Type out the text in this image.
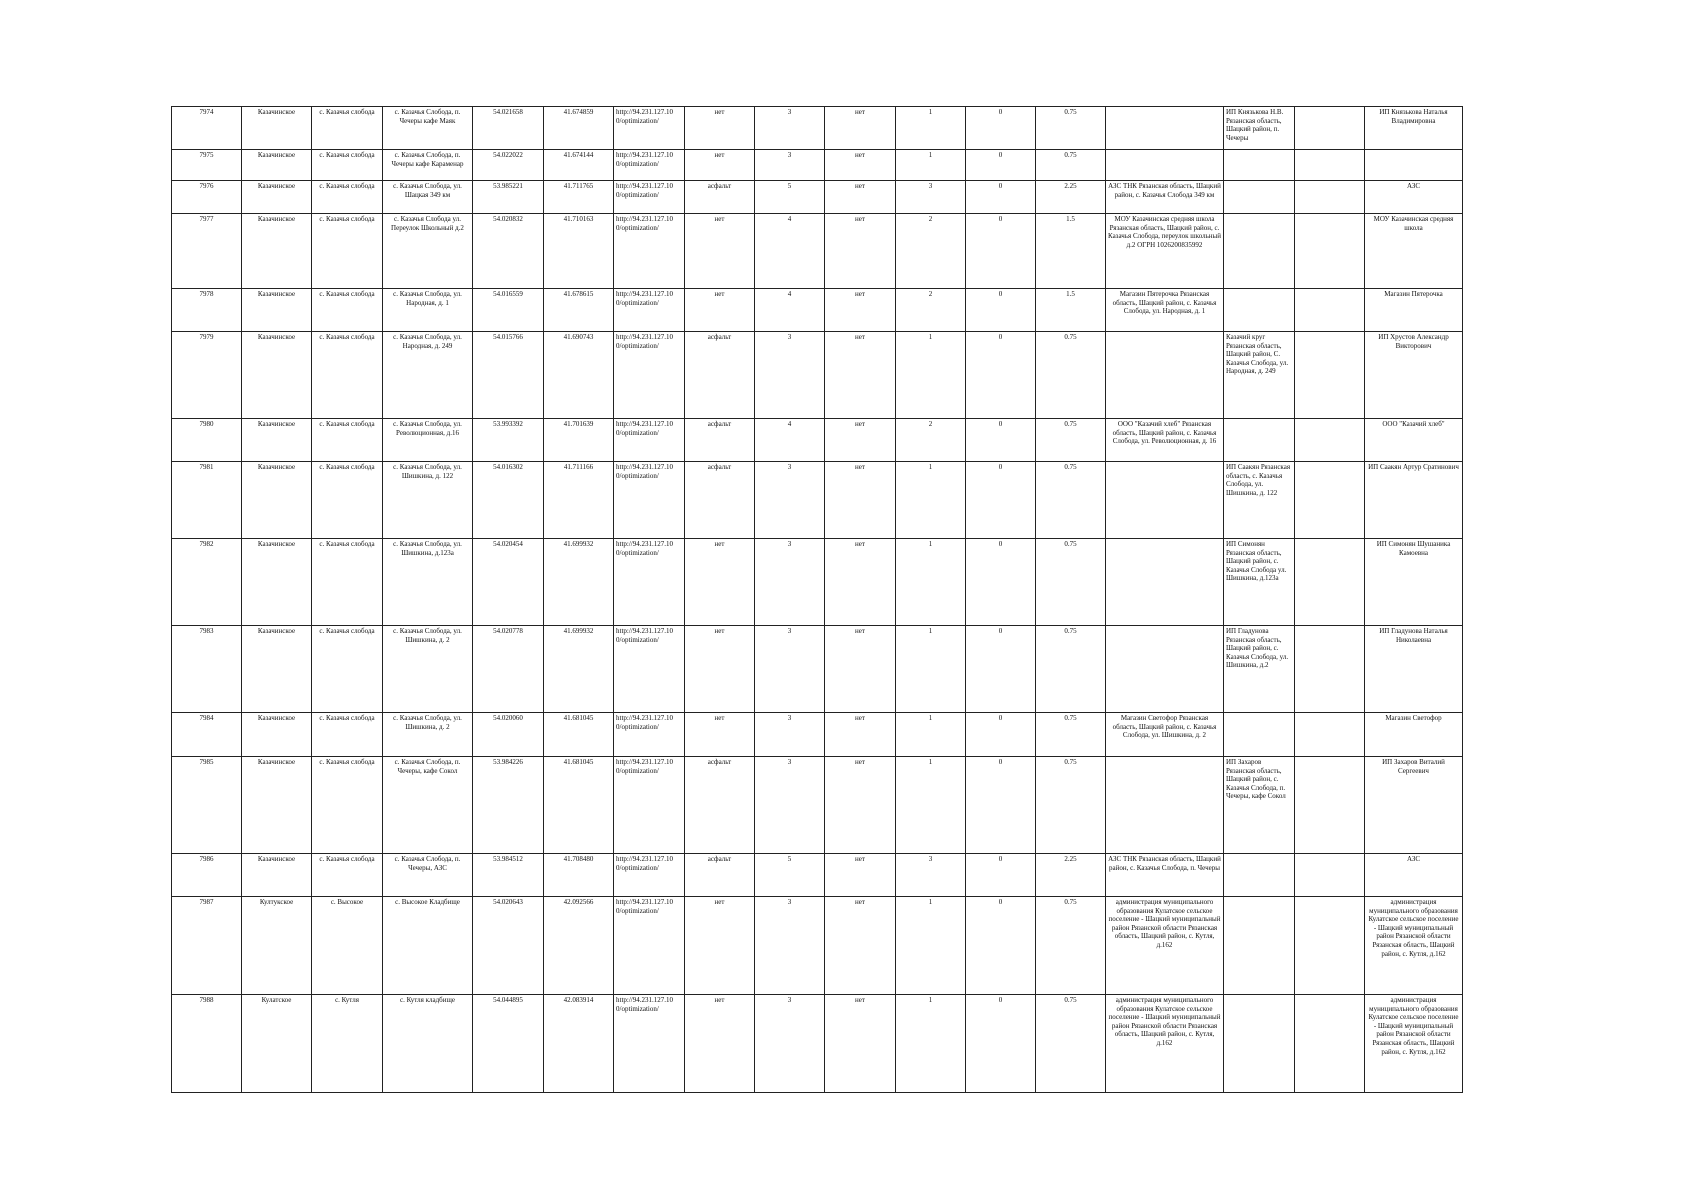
7974	Казачинское	с. Казачья слобода	с. Казачья Слобода, п. Чечеры кафе Маяк	54.021658	41.674859	http://94.231.127.10 0/optimization/	нет	3	нет	1	0	0.75		ИП Князькова Н.В. Рязанская область, Шацкий район, п. Чечеры		ИП Князькова Наталья Владимировна
7975	Казачинское	с. Казачья слобода	с. Казачья Слобода, п. Чечеры кафе Караменар	54.022022	41.674144	http://94.231.127.10 0/optimization/	нет	3	нет	1	0	0.75				
7976	Казачинское	с. Казачья слобода	с. Казачья Слобода, ул. Шацкая 349 км	53.985221	41.711765	http://94.231.127.10 0/optimization/	асфальт	5	нет	3	0	2.25	АЗС ТНК Рязанская область, Шацкий район, с. Казачья Слобода 349 км			АЗС
7977	Казачинское	с. Казачья слобода	с. Казачья Слобода ул. Переулок Школьный д.2	54.020832	41.710163	http://94.231.127.10 0/optimization/	нет	4	нет	2	0	1.5	МОУ Казачинская средняя школа Рязанская область, Шацкий район, с. Казачья Слобода, переулок школьный д.2 ОГРН 1026200835992			МОУ Казачинская средняя школа
7978	Казачинское	с. Казачья слобода	с. Казачья Слобода, ул. Народная, д. 1	54.016559	41.678615	http://94.231.127.10 0/optimization/	нет	4	нет	2	0	1.5	Магазин Пятерочка Рязанская область, Шацкий район, с. Казачья Слобода, ул. Народная, д. 1			Магазин Пятерочка
7979	Казачинское	с. Казачья слобода	с. Казачья Слобода, ул. Народная, д. 249	54.015766	41.690743	http://94.231.127.10 0/optimization/	асфальт	3	нет	1	0	0.75		Казачий круг Рязанская область, Шацкий район, С. Казачья Слобода, ул. Народная, д. 249		ИП Хрустов Александр Викторович
7980	Казачинское	с. Казачья слобода	с. Казачья Слобода, ул. Революционная, д.16	53.993392	41.701639	http://94.231.127.10 0/optimization/	асфальт	4	нет	2	0	0.75	ООО "Казачий хлеб" Рязанская область, Шацкий район, с. Казачья Слобода, ул. Революционная, д. 16			ООО "Казачий хлеб"
7981	Казачинское	с. Казачья слобода	с. Казачья Слобода, ул. Шишкина, д. 122	54.016302	41.711166	http://94.231.127.10 0/optimization/	асфальт	3	нет	1	0	0.75		ИП Саакян Рязанская область, с. Казачья Слобода, ул. Шишкина, д. 122		ИП Саакян Артур Сратинович
7982	Казачинское	с. Казачья слобода	с. Казачья Слобода, ул. Шишкина, д.123а	54.020454	41.699932	http://94.231.127.10 0/optimization/	нет	3	нет	1	0	0.75		ИП Симонян Рязанская область, Шацкий район, с. Казачья Слобода ул. Шишкина, д.123а		ИП Симонян Шушаника Камоевна
7983	Казачинское	с. Казачья слобода	с. Казачья Слобода, ул. Шишкина, д. 2	54.020778	41.699932	http://94.231.127.10 0/optimization/	нет	3	нет	1	0	0.75		ИП Гладунова Рязанская область, Шацкий район, с. Казачья Слобода, ул. Шишкина, д.2		ИП Гладунова Наталья Николаевна
7984	Казачинское	с. Казачья слобода	с. Казачья Слобода, ул. Шишкина, д. 2	54.020060	41.681045	http://94.231.127.10 0/optimization/	нет	3	нет	1	0	0.75	Магазин Светофор Рязанская область, Шацкий район, с. Казачья Слобода, ул. Шишкина, д. 2			Магазин Светофор
7985	Казачинское	с. Казачья слобода	с. Казачья Слобода, п. Чечеры, кафе Сокол	53.984226	41.681045	http://94.231.127.10 0/optimization/	асфальт	3	нет	1	0	0.75		ИП Захаров Рязанская область, Шацкий район, с. Казачья Слобода, п. Чечеры, кафе Сокол		ИП Захаров Виталий Сергеевич
7986	Казачинское	с. Казачья слобода	с. Казачья Слобода, п. Чечеры, АЗС	53.984512	41.708480	http://94.231.127.10 0/optimization/	асфальт	5	нет	3	0	2.25	АЗС ТНК Рязанская область, Шацкий район, с. Казачья Слобода, п. Чечеры			АЗС
7987	Култукское	с. Высокое	с. Высокое Кладбище	54.020643	42.092566	http://94.231.127.10 0/optimization/	нет	3	нет	1	0	0.75	администрация муниципального образования Кулатское сельское поселение - Шацкий муниципальный район Рязанской области Рязанская область, Шацкий район, с. Кутля, д.162			администрация муниципального образования Кулатское сельское поселение - Шацкий муниципальный район Рязанской области Рязанская область, Шацкий район, с. Кутля, д.162
7988	Кулатское	с. Кутля	с. Кутля кладбище	54.044895	42.083914	http://94.231.127.10 0/optimization/	нет	3	нет	1	0	0.75	администрация муниципального образования Кулатское сельское поселение - Шацкий муниципальный район Рязанской области Рязанская область, Шацкий район, с. Кутля, д.162			администрация муниципального образования Кулатское сельское поселение - Шацкий муниципальный район Рязанской области Рязанская область, Шацкий район, с. Кутля, д.162
